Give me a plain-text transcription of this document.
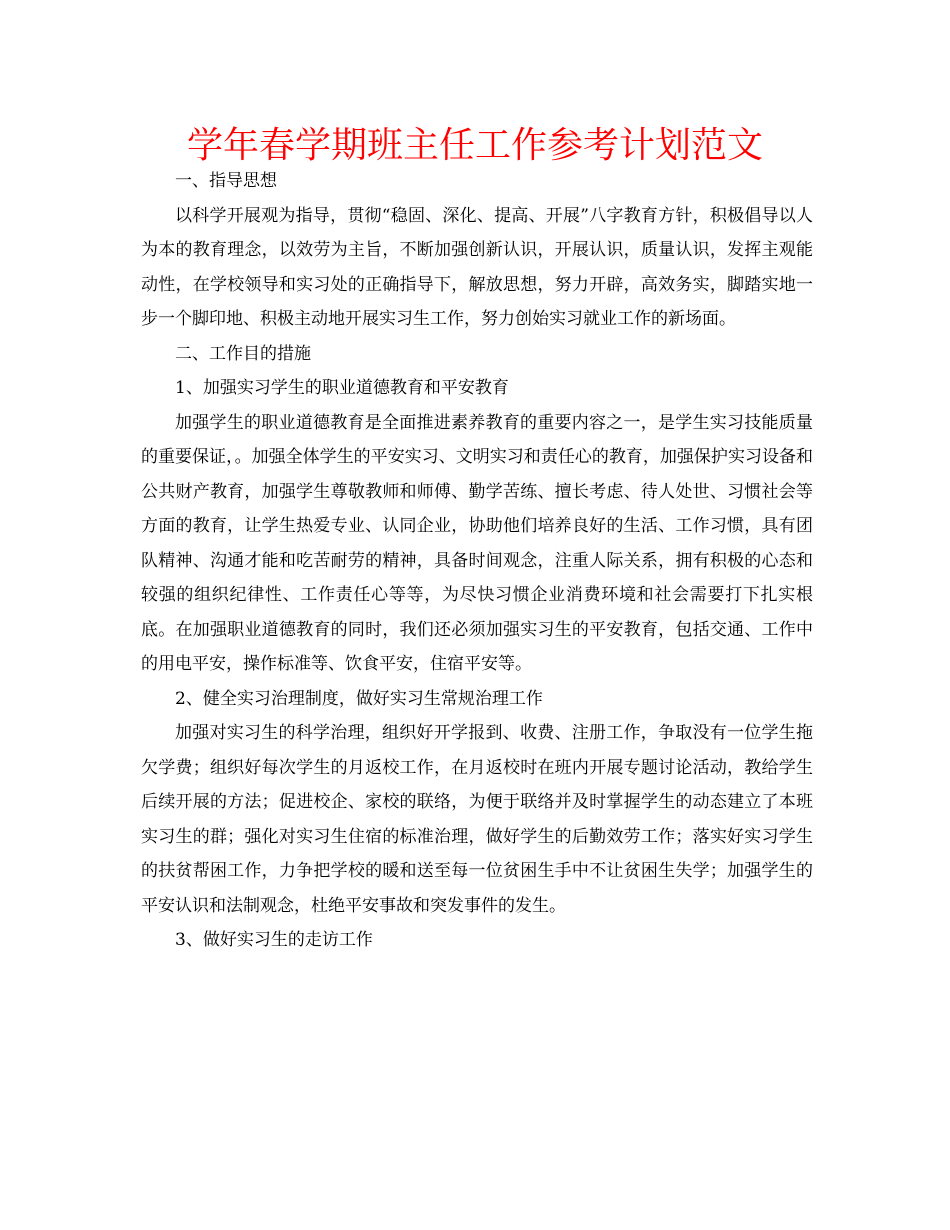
学年春学期班主任工作参考计划范文

一、指导思想

以科学开展观为指导，贯彻“稳固、深化、提高、开展”八字教育方针，积极倡导以人为本的教育理念，以效劳为主旨，不断加强创新认识，开展认识，质量认识，发挥主观能动性，在学校领导和实习处的正确指导下，解放思想，努力开辟，高效务实，脚踏实地一步一个脚印地、积极主动地开展实习生工作，努力创始实习就业工作的新场面。

二、工作目的措施

1、加强实习学生的职业道德教育和平安教育

加强学生的职业道德教育是全面推进素养教育的重要内容之一，是学生实习技能质量的重要保证，。加强全体学生的平安实习、文明实习和责任心的教育，加强保护实习设备和公共财产教育，加强学生尊敬教师和师傅、勤学苦练、擅长考虑、待人处世、习惯社会等方面的教育，让学生热爱专业、认同企业，协助他们培养良好的生活、工作习惯，具有团队精神、沟通才能和吃苦耐劳的精神，具备时间观念，注重人际关系，拥有积极的心态和较强的组织纪律性、工作责任心等等，为尽快习惯企业消费环境和社会需要打下扎实根底。在加强职业道德教育的同时，我们还必须加强实习生的平安教育，包括交通、工作中的用电平安，操作标准等、饮食平安，住宿平安等。

2、健全实习治理制度，做好实习生常规治理工作

加强对实习生的科学治理，组织好开学报到、收费、注册工作，争取没有一位学生拖欠学费；组织好每次学生的月返校工作，在月返校时在班内开展专题讨论活动，教给学生后续开展的方法；促进校企、家校的联络，为便于联络并及时掌握学生的动态建立了本班实习生的群；强化对实习生住宿的标准治理，做好学生的后勤效劳工作；落实好实习学生的扶贫帮困工作，力争把学校的暖和送至每一位贫困生手中不让贫困生失学；加强学生的平安认识和法制观念，杜绝平安事故和突发事件的发生。

3、做好实习生的走访工作
